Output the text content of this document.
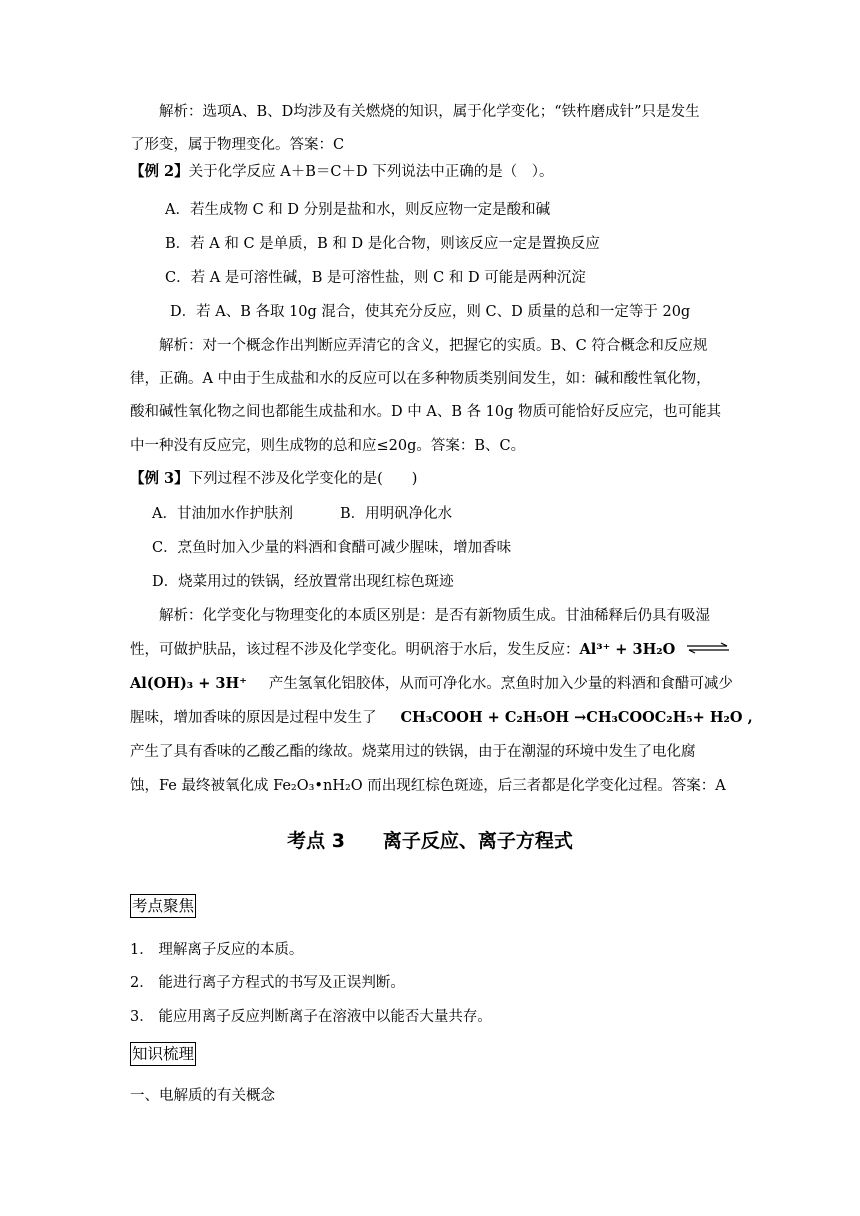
解析：选项A、B、D均涉及有关燃烧的知识，属于化学变化；“铁杵磨成针”只是发生
了形变，属于物理变化。答案：C
【例 2】关于化学反应 A＋B＝C＋D 下列说法中正确的是（　）。
A．若生成物 C 和 D 分别是盐和水，则反应物一定是酸和碱
B．若 A 和 C 是单质，B 和 D 是化合物，则该反应一定是置换反应
C．若 A 是可溶性碱，B 是可溶性盐，则 C 和 D 可能是两种沉淀
D．若 A、B 各取 10g 混合，使其充分反应，则 C、D 质量的总和一定等于 20g
解析：对一个概念作出判断应弄清它的含义，把握它的实质。B、C 符合概念和反应规
律，正确。A 中由于生成盐和水的反应可以在多种物质类别间发生，如：碱和酸性氧化物，
酸和碱性氧化物之间也都能生成盐和水。D 中 A、B 各 10g 物质可能恰好反应完，也可能其
中一种没有反应完，则生成物的总和应≤20g。答案：B、C。
【例 3】下列过程不涉及化学变化的是(　　)
A．甘油加水作护肤剂	B．用明矾净化水
C．烹鱼时加入少量的料酒和食醋可减少腥味，增加香味
D．烧菜用过的铁锅，经放置常出现红棕色斑迹
解析：化学变化与物理变化的本质区别是：是否有新物质生成。甘油稀释后仍具有吸湿
性，可做护肤品，该过程不涉及化学变化。明矾溶于水后，发生反应：Al³⁺ + 3H₂O ⇌
Al(OH)₃ + 3H⁺ 产生氢氧化铝胶体，从而可净化水。烹鱼时加入少量的料酒和食醋可减少
腥味，增加香味的原因是过程中发生了 CH₃COOH + C₂H₅OH →CH₃COOC₂H₅+ H₂O ,
产生了具有香味的乙酸乙酯的缘故。烧菜用过的铁锅，由于在潮湿的环境中发生了电化腐
蚀，Fe 最终被氧化成 Fe₂O₃•nH₂O 而出现红棕色斑迹，后三者都是化学变化过程。答案：A
考点 3　　离子反应、离子方程式
考点聚焦
1． 理解离子反应的本质。
2． 能进行离子方程式的书写及正误判断。
3． 能应用离子反应判断离子在溶液中以能否大量共存。
知识梳理
一、电解质的有关概念
